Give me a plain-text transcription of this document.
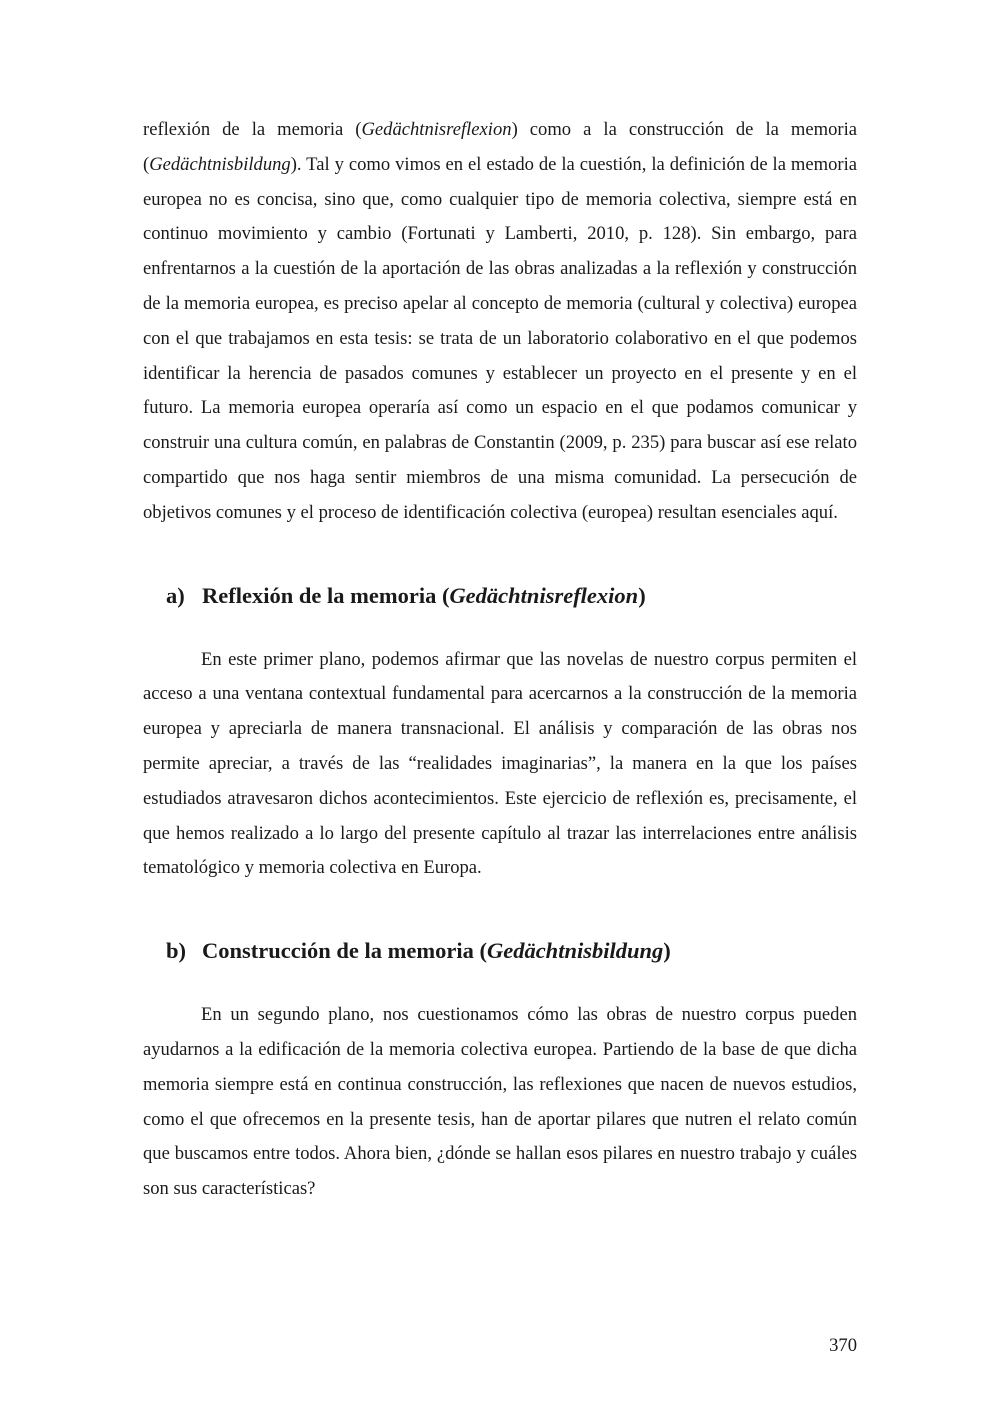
reflexión de la memoria (Gedächtnisreflexion) como a la construcción de la memoria (Gedächtnisbildung). Tal y como vimos en el estado de la cuestión, la definición de la memoria europea no es concisa, sino que, como cualquier tipo de memoria colectiva, siempre está en continuo movimiento y cambio (Fortunati y Lamberti, 2010, p. 128). Sin embargo, para enfrentarnos a la cuestión de la aportación de las obras analizadas a la reflexión y construcción de la memoria europea, es preciso apelar al concepto de memoria (cultural y colectiva) europea con el que trabajamos en esta tesis: se trata de un laboratorio colaborativo en el que podemos identificar la herencia de pasados comunes y establecer un proyecto en el presente y en el futuro. La memoria europea operaría así como un espacio en el que podamos comunicar y construir una cultura común, en palabras de Constantin (2009, p. 235) para buscar así ese relato compartido que nos haga sentir miembros de una misma comunidad. La persecución de objetivos comunes y el proceso de identificación colectiva (europea) resultan esenciales aquí.

a) Reflexión de la memoria (Gedächtnisreflexion)

En este primer plano, podemos afirmar que las novelas de nuestro corpus permiten el acceso a una ventana contextual fundamental para acercarnos a la construcción de la memoria europea y apreciarla de manera transnacional. El análisis y comparación de las obras nos permite apreciar, a través de las “realidades imaginarias”, la manera en la que los países estudiados atravesaron dichos acontecimientos. Este ejercicio de reflexión es, precisamente, el que hemos realizado a lo largo del presente capítulo al trazar las interrelaciones entre análisis tematológico y memoria colectiva en Europa.

b) Construcción de la memoria (Gedächtnisbildung)

En un segundo plano, nos cuestionamos cómo las obras de nuestro corpus pueden ayudarnos a la edificación de la memoria colectiva europea. Partiendo de la base de que dicha memoria siempre está en continua construcción, las reflexiones que nacen de nuevos estudios, como el que ofrecemos en la presente tesis, han de aportar pilares que nutren el relato común que buscamos entre todos. Ahora bien, ¿dónde se hallan esos pilares en nuestro trabajo y cuáles son sus características?

370
